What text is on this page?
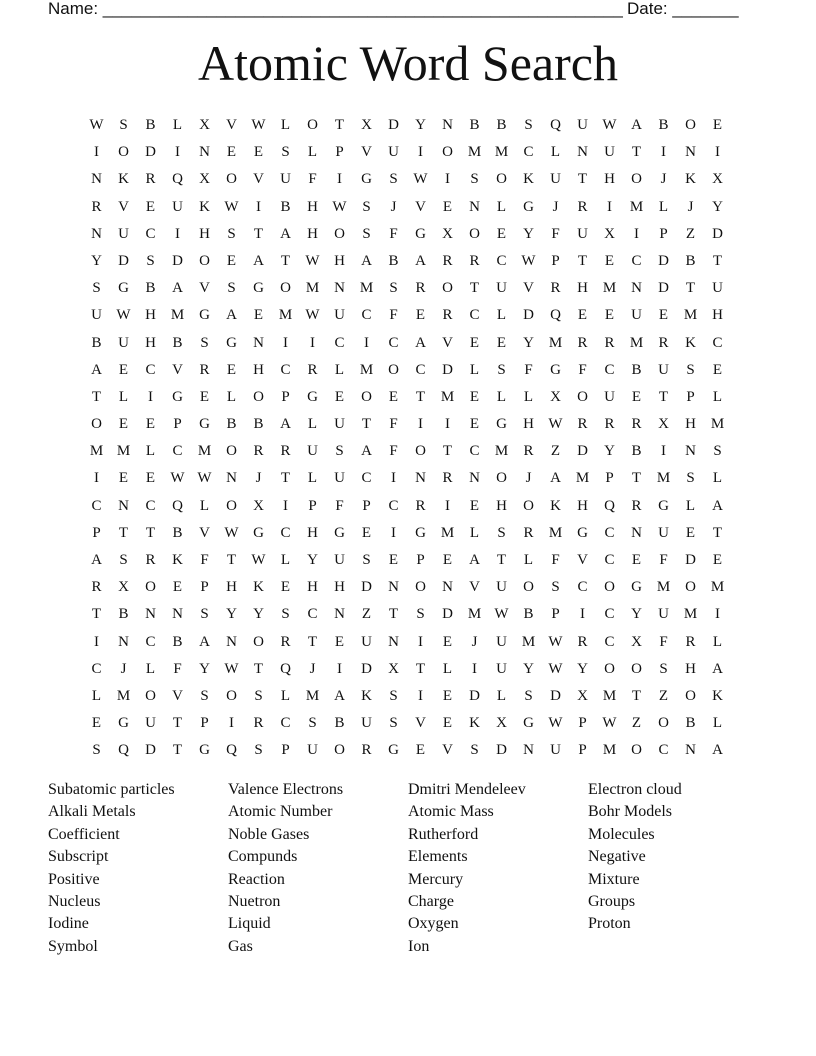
Name: _______________________________________________________ Date: _______
Atomic Word Search
W	S	B	L	X	V W	L	O	T	X	D	Y	N	B	B	S	Q	U W A	B	O	E
I	O	D	I	N	E	E	S	L	P	V	U	I	O M M	C	L	N	U	T	I	N	I
N	K	R	Q	X	O	V	U	F	I	G	S	W	I	S	O	K	U	T	H	O	J	K	X
R	V	E	U	K W	I	B	H W	S	J	V	E	N	L	G	J	R	I	M	L	J	Y
N	U	C	I	H	S	T	A	H	O	S	F	G	X	O	E	Y	F	U	X	I	P	Z	D
Y	D	S	D	O	E	A	T	W H	A	B	A	R	R	C W	P	T	E	C	D	B	T
S	G	B	A	V	S	G	O M N M	S	R	O	T	U	V	R	H M N	D	T	U
U W H M G	A	E	M W U	C	F	E	R	C	L	D	Q	E	E	U	E	M H
B	U	H	B	S	G	N	I	I	C	I	C	A	V	E	E	Y M	R	R	M	R	K	C
A	E	C	V	R	E	H	C	R	L	M O	C	D	L	S	F	G	F	C	B	U	S	E
T	L	I	G	E	L	O	P	G	E	O	E	T	M	E	L	L	X	O	U	E	T	P	L
O	E	E	P	G	B	B	A	L	U	T	F	I	I	E	G	H W R	R	R	X	H M
M M	L	C	M O	R	R	U	S	A	F	O	T	C	M	R	Z	D	Y	B	I	N	S
I	E	E	W W N	J	T	L	U	C	I	N	R	N	O	J	A M	P	T	M	S	L
C	N	C	Q	L	O	X	I	P	F	P	C	R	I	E	H	O	K	H	Q	R	G	L	A
P	T	T	B	V W G	C	H	G	E	I	G M	L	S	R	M G	C	N	U	E	T
A	S	R	K	F	T	W	L	Y	U	S	E	P	E	A	T	L	F	V	C	E	F	D	E
R	X	O	E	P	H	K	E	H	H	D	N	O	N	V	U	O	S	C	O	G M O M
T	B	N	N	S	Y	Y	S	C	N	Z	T	S	D M W B	P	I	C	Y	U M	I
I	N	C	B	A	N	O	R	T	E	U	N	I	E	J	U M W R	C	X	F	R	L
C	J	L	F	Y W	T	Q	J	I	D	X	T	L	I	U	Y W Y	O	O	S	H	A
L	M O	V	S	O	S	L	M A	K	S	I	E	D	L	S	D	X M	T	Z	O	K
E	G	U	T	P	I	R	C	S	B	U	S	V	E	K	X	G W	P	W	Z	O	B	L
S	Q	D	T	G	Q	S	P	U	O	R	G	E	V	S	D	N	U	P	M O	C	N	A
Subatomic particles	Valence Electrons	Dmitri Mendeleev	Electron cloud
Alkali Metals	Atomic Number	Atomic Mass	Bohr Models
Coefficient	Noble Gases	Rutherford	Molecules
Subscript	Compunds	Elements	Negative
Positive	Reaction	Mercury	Mixture
Nucleus	Nuetron	Charge	Groups
Iodine	Liquid	Oxygen	Proton
Symbol	Gas	Ion
